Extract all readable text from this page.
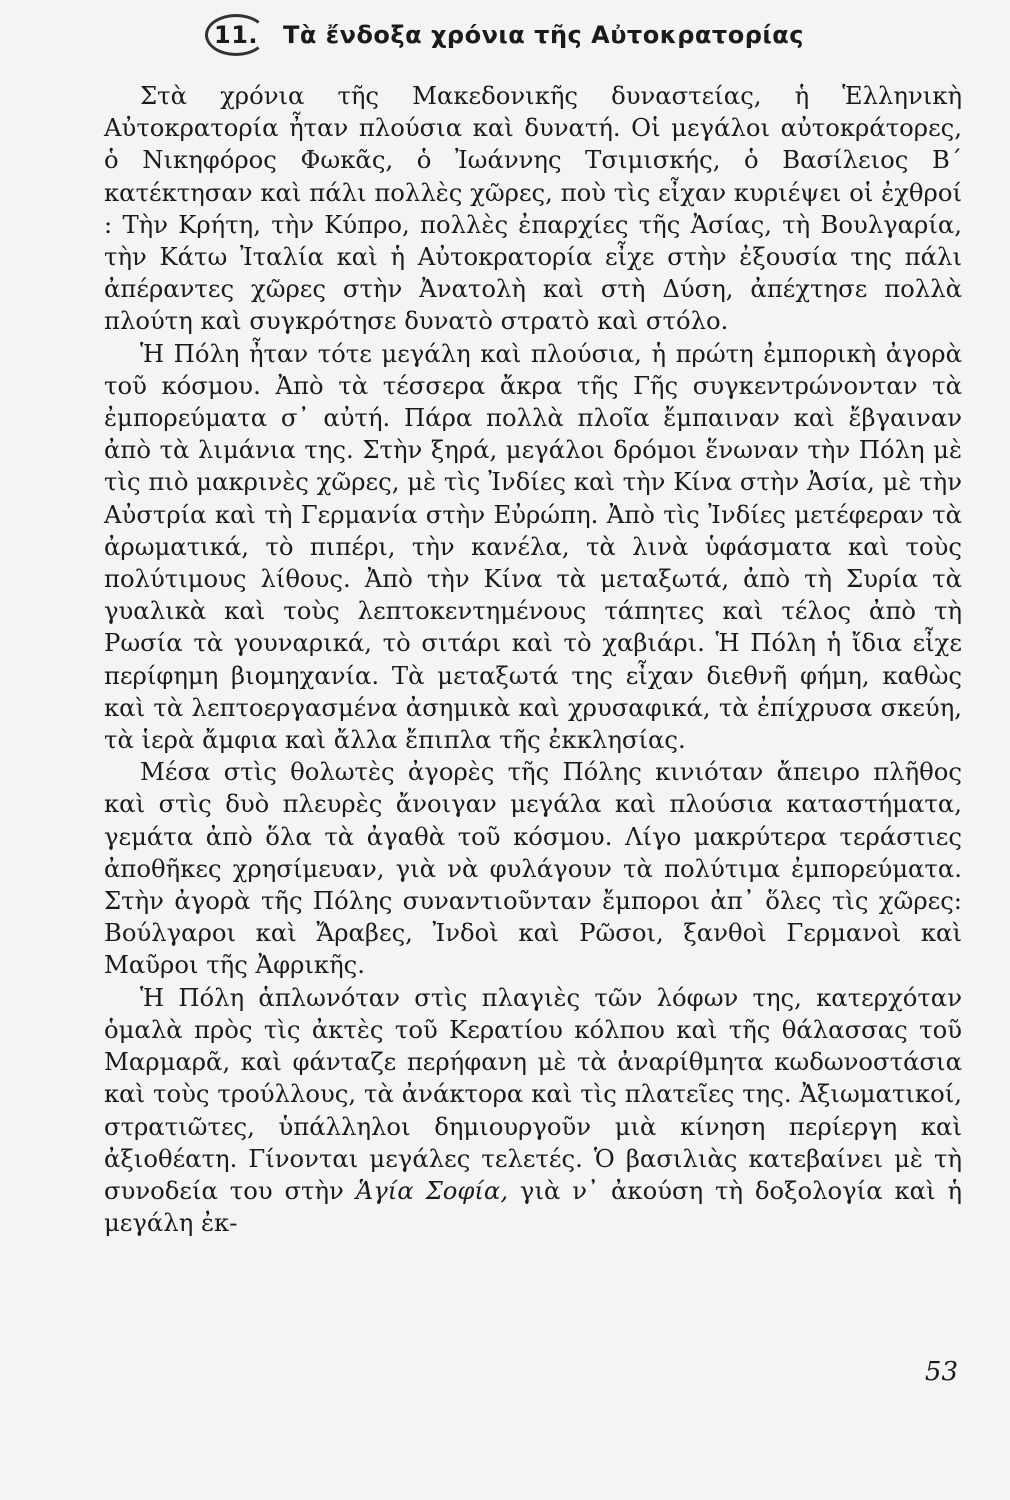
11.	Τὰ ἔνδοξα χρόνια τῆς Αὐτοκρατορίας

Στὰ χρόνια τῆς Μακεδονικῆς δυναστείας, ἡ Ἑλληνικὴ Αὐτοκρατορία ἦταν πλούσια καὶ δυνατή. Οἱ μεγάλοι αὐτοκράτορες, ὁ Νικηφόρος Φωκᾶς, ὁ Ἰωάννης Τσιμισκής, ὁ Βασίλειος Β΄ κατέκτησαν καὶ πάλι πολλὲς χῶρες, ποὺ τὶς εἶχαν κυριέψει οἱ ἐχθροί : Τὴν Κρήτη, τὴν Κύπρο, πολλὲς ἐπαρχίες τῆς Ἀσίας, τὴ Βουλγαρία, τὴν Κάτω Ἰταλία καὶ ἡ Αὐτοκρατορία εἶχε στὴν ἐξουσία της πάλι ἀπέραντες χῶρες στὴν Ἀνατολὴ καὶ στὴ Δύση, ἀπέχτησε πολλὰ πλούτη καὶ συγκρότησε δυνατὸ στρατὸ καὶ στόλο.

Ἡ Πόλη ἦταν τότε μεγάλη καὶ πλούσια, ἡ πρώτη ἐμπορικὴ ἀγορὰ τοῦ κόσμου. Ἀπὸ τὰ τέσσερα ἄκρα τῆς Γῆς συγκεντρώνονταν τὰ ἐμπορεύματα σ᾿ αὐτή. Πάρα πολλὰ πλοῖα ἔμπαιναν καὶ ἔβγαιναν ἀπὸ τὰ λιμάνια της. Στὴν ξηρά, μεγάλοι δρόμοι ἕνωναν τὴν Πόλη μὲ τὶς πιὸ μακρινὲς χῶρες, μὲ τὶς Ἰνδίες καὶ τὴν Κίνα στὴν Ἀσία, μὲ τὴν Αὐστρία καὶ τὴ Γερμανία στὴν Εὐρώπη. Ἀπὸ τὶς Ἰνδίες μετέφεραν τὰ ἀρωματικά, τὸ πιπέρι, τὴν κανέλα, τὰ λινὰ ὑφάσματα καὶ τοὺς πολύτιμους λίθους. Ἀπὸ τὴν Κίνα τὰ μεταξωτά, ἀπὸ τὴ Συρία τὰ γυαλικὰ καὶ τοὺς λεπτοκεντημένους τάπητες καὶ τέλος ἀπὸ τὴ Ρωσία τὰ γουναρικά, τὸ σιτάρι καὶ τὸ χαβιάρι. Ἡ Πόλη ἡ ἴδια εἶχε περίφημη βιομηχανία. Τὰ μεταξωτά της εἶχαν διεθνῆ φήμη, καθὼς καὶ τὰ λεπτοεργασμένα ἀσημικὰ καὶ χρυσαφικά, τὰ ἐπίχρυσα σκεύη, τὰ ἱερὰ ἄμφια καὶ ἄλλα ἔπιπλα τῆς ἐκκλησίας.

Μέσα στὶς θολωτὲς ἀγορὲς τῆς Πόλης κινιόταν ἄπειρο πλῆθος καὶ στὶς δυὸ πλευρὲς ἄνοιγαν μεγάλα καὶ πλούσια καταστήματα, γεμάτα ἀπὸ ὅλα τὰ ἀγαθὰ τοῦ κόσμου. Λίγο μακρύτερα τεράστιες ἀποθῆκες χρησίμευαν, γιὰ νὰ φυλάγουν τὰ πολύτιμα ἐμπορεύματα. Στὴν ἀγορὰ τῆς Πόλης συναντιοῦνταν ἔμποροι ἀπ᾿ ὅλες τὶς χῶρες: Βούλγαροι καὶ Ἄραβες, Ἰνδοὶ καὶ Ρῶσοι, ξανθοὶ Γερμανοὶ καὶ Μαῦροι τῆς Ἀφρικῆς.

Ἡ Πόλη ἁπλωνόταν στὶς πλαγιὲς τῶν λόφων της, κατερχόταν ὁμαλὰ πρὸς τὶς ἀκτὲς τοῦ Κερατίου κόλπου καὶ τῆς θάλασσας τοῦ Μαρμαρᾶ, καὶ φάνταζε περήφανη μὲ τὰ ἀναρίθμητα κωδωνοστάσια καὶ τοὺς τρούλλους, τὰ ἀνάκτορα καὶ τὶς πλατεῖες της. Ἀξιωματικοί, στρατιῶτες, ὑπάλληλοι δημιουργοῦν μιὰ κίνηση περίεργη καὶ ἀξιοθέατη. Γίνονται μεγάλες τελετές. Ὁ βασιλιὰς κατεβαίνει μὲ τὴ συνοδεία του στὴν Ἁγία Σοφία, γιὰ ν᾿ ἀκούση τὴ δοξολογία καὶ ἡ μεγάλη ἐκ-

53
